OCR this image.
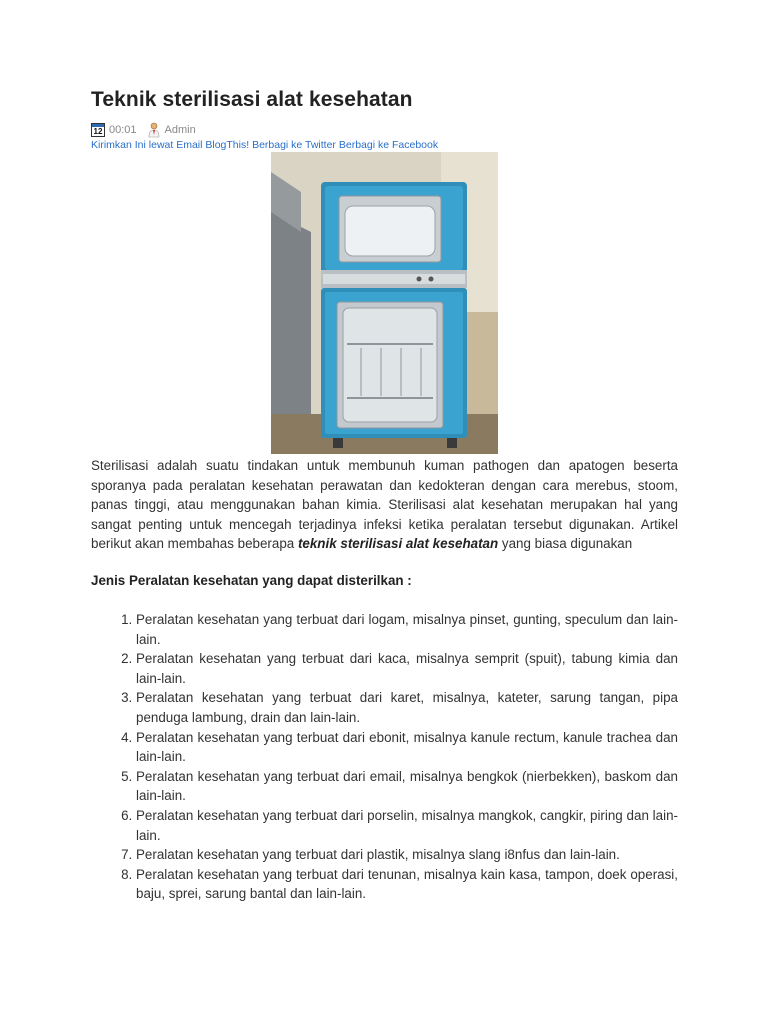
Teknik sterilisasi alat kesehatan
12 00:01	Admin
Kirimkan Ini lewat Email BlogThis! Berbagi ke Twitter Berbagi ke Facebook

Sterilisasi adalah suatu tindakan untuk membunuh kuman pathogen dan apatogen beserta sporanya pada peralatan kesehatan perawatan dan kedokteran dengan cara merebus, stoom, panas tinggi, atau menggunakan bahan kimia. Sterilisasi alat kesehatan merupakan hal yang sangat penting untuk mencegah terjadinya infeksi ketika peralatan tersebut digunakan. Artikel berikut akan membahas beberapa teknik sterilisasi alat kesehatan yang biasa digunakan

Jenis Peralatan kesehatan yang dapat disterilkan :

1. Peralatan kesehatan yang terbuat dari logam, misalnya pinset, gunting, speculum dan lain-lain.
2. Peralatan kesehatan yang terbuat dari kaca, misalnya semprit (spuit), tabung kimia dan lain-lain.
3. Peralatan kesehatan yang terbuat dari karet, misalnya, kateter, sarung tangan, pipa penduga lambung, drain dan lain-lain.
4. Peralatan kesehatan yang terbuat dari ebonit, misalnya kanule rectum, kanule trachea dan lain-lain.
5. Peralatan kesehatan yang terbuat dari email, misalnya bengkok (nierbekken), baskom dan lain-lain.
6. Peralatan kesehatan yang terbuat dari porselin, misalnya mangkok, cangkir, piring dan lain-lain.
7. Peralatan kesehatan yang terbuat dari plastik, misalnya slang i8nfus dan lain-lain.
8. Peralatan kesehatan yang terbuat dari tenunan, misalnya kain kasa, tampon, doek operasi, baju, sprei, sarung bantal dan lain-lain.
